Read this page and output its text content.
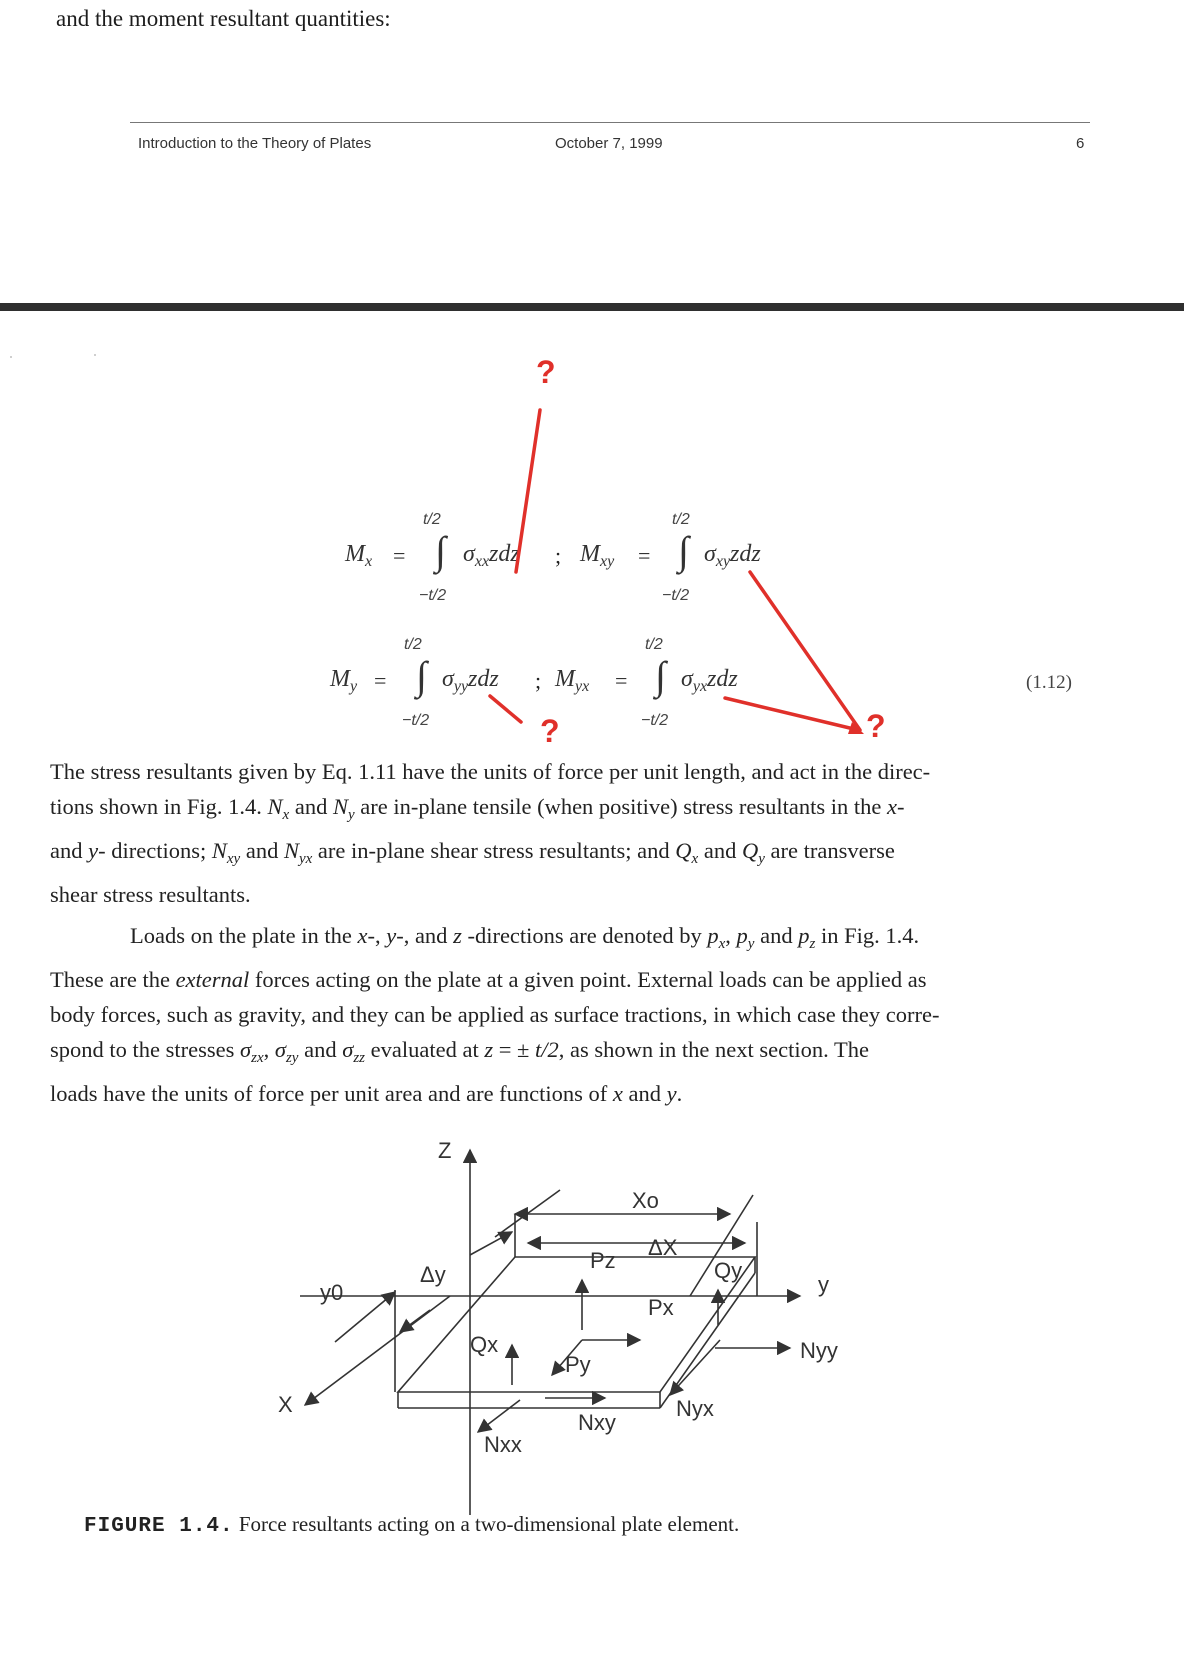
and the moment resultant quantities:
Introduction to the Theory of Plates	October 7, 1999	6
t/2
Mx = ∫ σxxzdz
−t/2
;
t/2
Mxy = ∫ σxyzdz
−t/2
t/2
My = ∫ σyyzdz
−t/2
;
t/2
Myx = ∫ σyxzdz
−t/2
(1.12)
?
?	?

The stress resultants given by Eq. 1.11 have the units of force per unit length, and act in the direc-

tions shown in Fig. 1.4. $N_x$ and $N_y$ are in-plane tensile (when positive) stress resultants in the x-

and y- directions; $N_{xy}$ and $N_{yx}$ are in-plane shear stress resultants; and $Q_x$ and $Q_y$ are transverse

shear stress resultants.

Loads on the plate in the x-, y-, and z -directions are denoted by $p_x$, $p_y$ and $p_z$ in Fig. 1.4.

These are the external forces acting on the plate at a given point. External loads can be applied as

body forces, such as gravity, and they can be applied as surface tractions, in which case they corre-

spond to the stresses $\sigma_{zx}$, $\sigma_{zy}$ and $\sigma_{zz}$ evaluated at z = ± t/2, as shown in the next section. The

loads have the units of force per unit area and are functions of x and y.

Z
y
X
Xo
y0
ΔX
Δy
Pz
Px
Py
Qx
Qy
Nyy
Nyx
Nxy
Nxx
FIGURE 1.4. Force resultants acting on a two-dimensional plate element.
